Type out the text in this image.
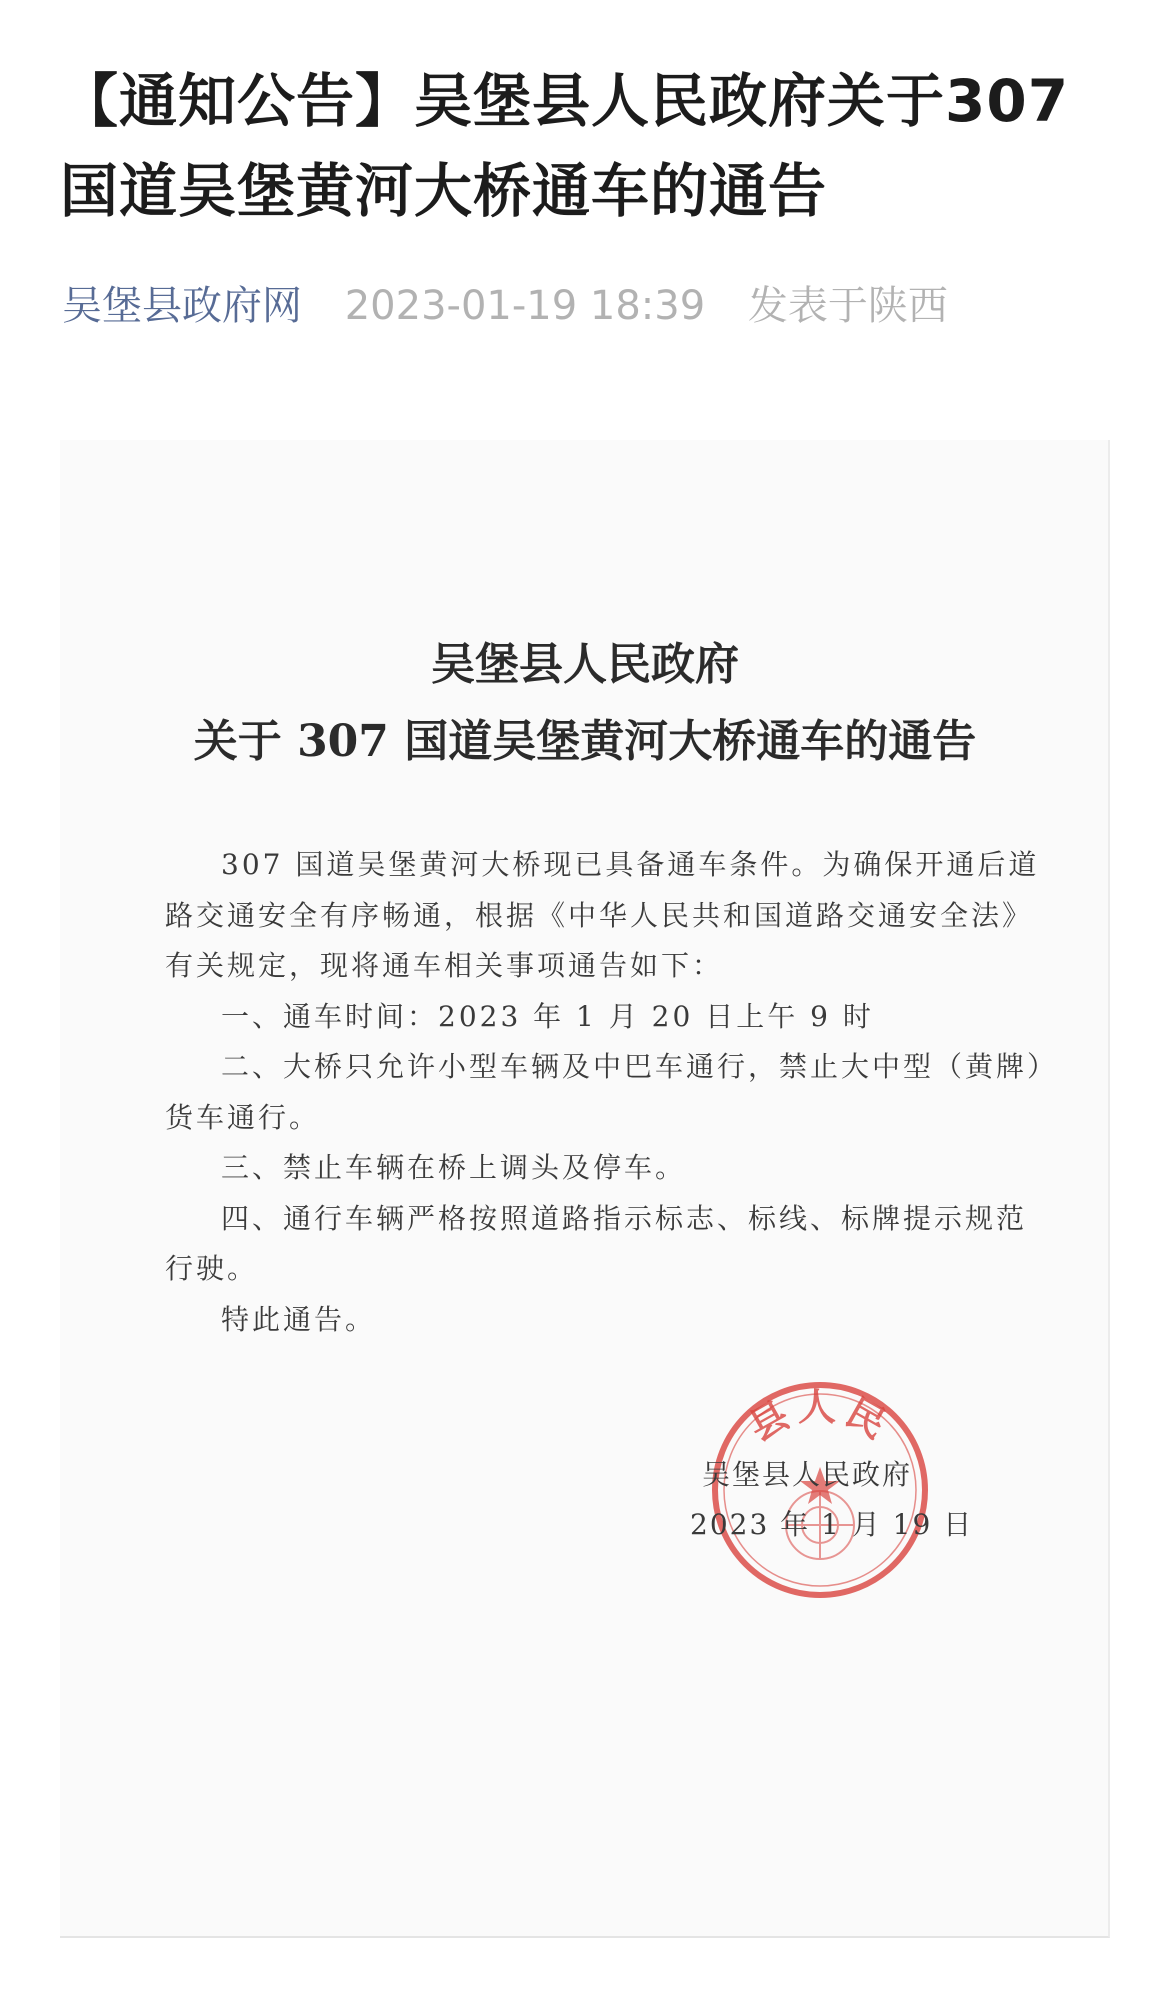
【通知公告】吴堡县人民政府关于307国道吴堡黄河大桥通车的通告
吴堡县政府网 2023-01-19 18:39 发表于陕西
吴堡县人民政府
关于 307 国道吴堡黄河大桥通车的通告

307 国道吴堡黄河大桥现已具备通车条件。为确保开通后道路交通安全有序畅通，根据《中华人民共和国道路交通安全法》有关规定，现将通车相关事项通告如下：

一、通车时间：2023 年 1 月 20 日上午 9 时

二、大桥只允许小型车辆及中巴车通行，禁止大中型（黄牌）货车通行。

三、禁止车辆在桥上调头及停车。

四、通行车辆严格按照道路指示标志、标线、标牌提示规范行驶。

特此通告。

县人民
吴堡县人民政府
2023 年 1 月 19 日
